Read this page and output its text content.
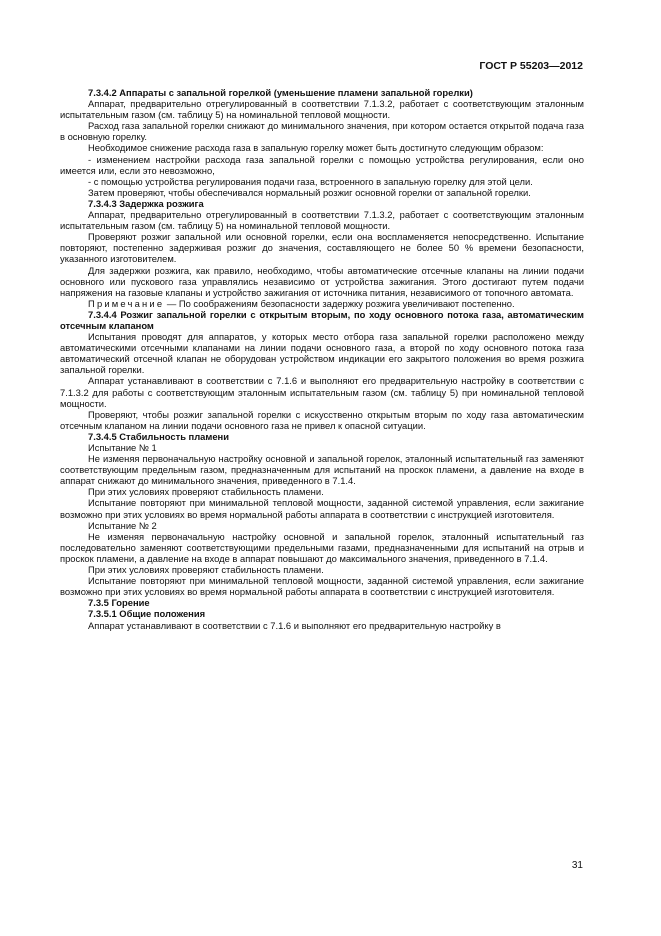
ГОСТ Р 55203—2012

7.3.4.2 Аппараты с запальной горелкой (уменьшение пламени запальной горелки)

Аппарат, предварительно отрегулированный в соответствии 7.1.3.2, работает с соответствующим эталонным испытательным газом (см. таблицу 5) на номинальной тепловой мощности.

Расход газа запальной горелки снижают до минимального значения, при котором остается открытой подача газа в основную горелку.

Необходимое снижение расхода газа в запальную горелку может быть достигнуто следующим образом:

- изменением настройки расхода газа запальной горелки с помощью устройства регулирования, если оно имеется или, если это невозможно,

- с помощью устройства регулирования подачи газа, встроенного в запальную горелку для этой цели.

Затем проверяют, чтобы обеспечивался нормальный розжиг основной горелки от запальной горелки.

7.3.4.3 Задержка розжига

Аппарат, предварительно отрегулированный в соответствии 7.1.3.2, работает с соответствующим эталонным испытательным газом (см. таблицу 5) на номинальной тепловой мощности.

Проверяют розжиг запальной или основной горелки, если она воспламеняется непосредственно. Испытание повторяют, постепенно задерживая розжиг до значения, составляющего не более 50 % времени безопасности, указанного изготовителем.

Для задержки розжига, как правило, необходимо, чтобы автоматические отсечные клапаны на линии подачи основного или пускового газа управлялись независимо от устройства зажигания. Этого достигают путем подачи напряжения на газовые клапаны и устройство зажигания от источника питания, независимого от топочного автомата.

Примечание — По соображениям безопасности задержку розжига увеличивают постепенно.

7.3.4.4 Розжиг запальной горелки с открытым вторым, по ходу основного потока газа, автоматическим отсечным клапаном

Испытания проводят для аппаратов, у которых место отбора газа запальной горелки расположено между автоматическими отсечными клапанами на линии подачи основного газа, а второй по ходу основного потока газа автоматический отсечной клапан не оборудован устройством индикации его закрытого положения во время розжига запальной горелки.

Аппарат устанавливают в соответствии с 7.1.6 и выполняют его предварительную настройку в соответствии с 7.1.3.2 для работы с соответствующим эталонным испытательным газом (см. таблицу 5) при номинальной тепловой мощности.

Проверяют, чтобы розжиг запальной горелки с искусственно открытым вторым по ходу газа автоматическим отсечным клапаном на линии подачи основного газа не привел к опасной ситуации.

7.3.4.5 Стабильность пламени

Испытание № 1

Не изменяя первоначальную настройку основной и запальной горелок, эталонный испытательный газ заменяют соответствующим предельным газом, предназначенным для испытаний на проскок пламени, а давление на входе в аппарат снижают до минимального значения, приведенного в 7.1.4.

При этих условиях проверяют стабильность пламени.

Испытание повторяют при минимальной тепловой мощности, заданной системой управления, если зажигание возможно при этих условиях во время нормальной работы аппарата в соответствии с инструкцией изготовителя.

Испытание № 2

Не изменяя первоначальную настройку основной и запальной горелок, эталонный испытательный газ последовательно заменяют соответствующими предельными газами, предназначенными для испытаний на отрыв и проскок пламени, а давление на входе в аппарат повышают до максимального значения, приведенного в 7.1.4.

При этих условиях проверяют стабильность пламени.

Испытание повторяют при минимальной тепловой мощности, заданной системой управления, если зажигание возможно при этих условиях во время нормальной работы аппарата в соответствии с инструкцией изготовителя.

7.3.5 Горение

7.3.5.1 Общие положения

Аппарат устанавливают в соответствии с 7.1.6 и выполняют его предварительную настройку в

31
